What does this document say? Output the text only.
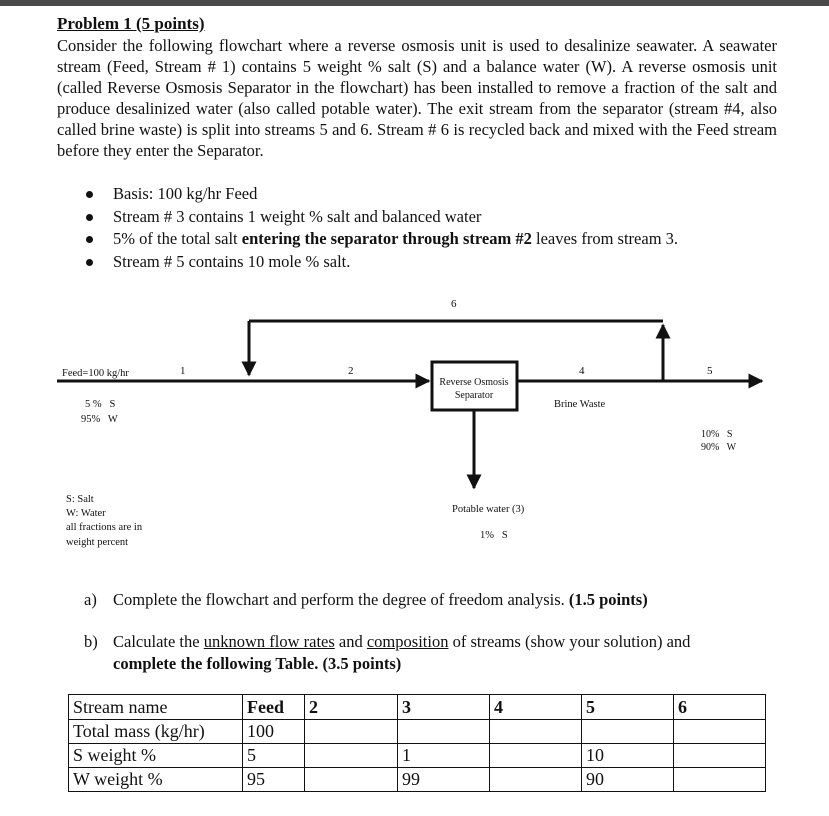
Problem 1 (5 points)
Consider the following flowchart where a reverse osmosis unit is used to desalinize seawater. A seawater stream (Feed, Stream # 1) contains 5 weight % salt (S) and a balance water (W). A reverse osmosis unit (called Reverse Osmosis Separator in the flowchart) has been installed to remove a fraction of the salt and produce desalinized water (also called potable water). The exit stream from the separator (stream #4, also called brine waste) is split into streams 5 and 6. Stream # 6 is recycled back and mixed with the Feed stream before they enter the Separator.
Basis: 100 kg/hr Feed
Stream # 3 contains 1 weight % salt and balanced water
5% of the total salt entering the separator through stream #2 leaves from stream 3.
Stream # 5 contains 10 mole % salt.
Reverse Osmosis
Separator
Feed=100 kg/hr
5 %   S
95%   W
1	2
6
4	5
Brine Waste
10%   S
90%   W
Potable water (3)
1%   S
S: Salt
W: Water
all fractions are in
weight percent
a) Complete the flowchart and perform the degree of freedom analysis. (1.5 points)
b) Calculate the unknown flow rates and composition of streams (show your solution) and
complete the following Table. (3.5 points)
Stream name	Feed	2	3	4	5	6
Total mass (kg/hr)	100					
S weight %	5		1		10	
W weight %	95		99		90	
